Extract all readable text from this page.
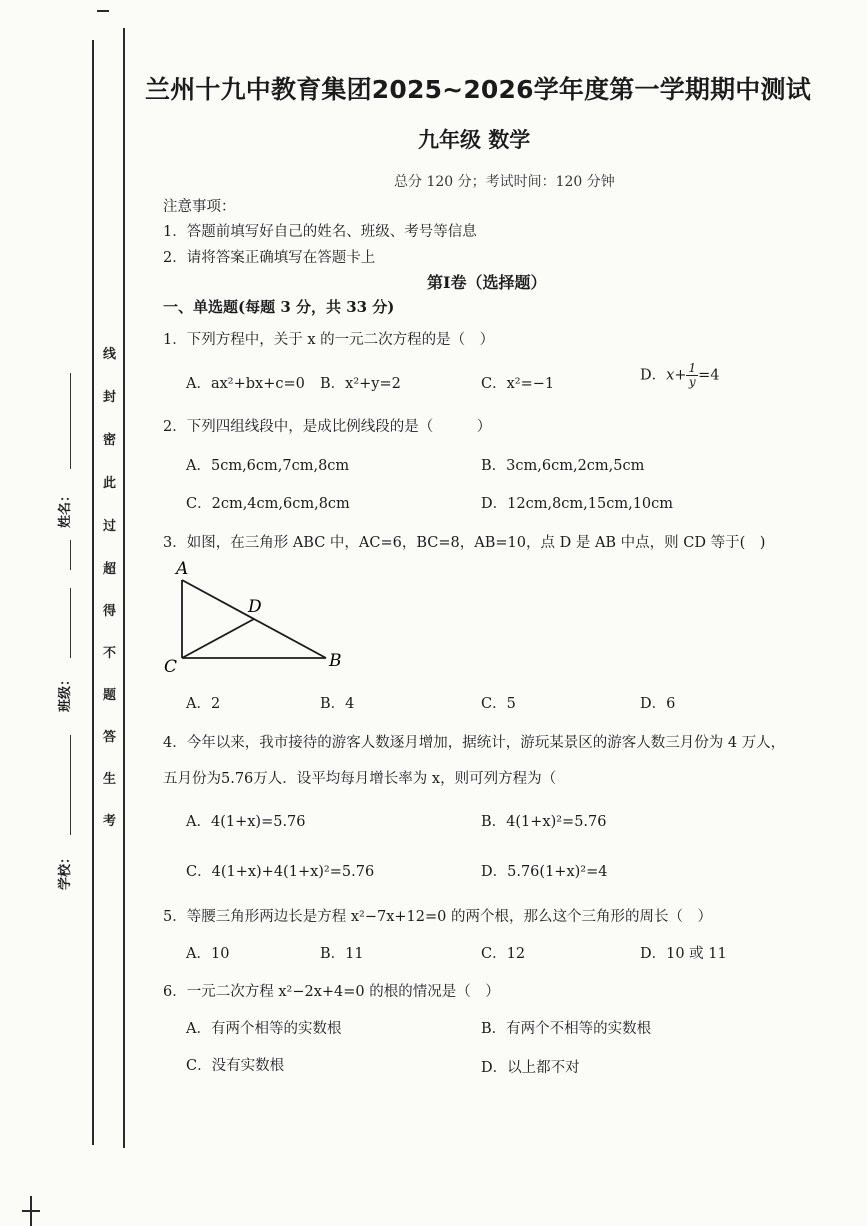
线
封
密
此
过
超
得
不
题
答
生
考
姓名：
班级：
学校：
兰州十九中教育集团2025~2026学年度第一学期期中测试
九年级 数学
总分 120 分；考试时间：120 分钟
注意事项：
1．答题前填写好自己的姓名、班级、考号等信息
2．请将答案正确填写在答题卡上
第Ⅰ卷（选择题）
一、单选题(每题 3 分，共 33 分)
1．下列方程中，关于 x 的一元二次方程的是（　）
A．ax²+bx+c=0 B．x²+y=2	C．x²=−1
D．$x+ \frac{1}{y} =4$
2．下列四组线段中，是成比例线段的是（　　　）
A．5cm,6cm,7cm,8cm	B．3cm,6cm,2cm,5cm
C．2cm,4cm,6cm,8cm	D．12cm,8cm,15cm,10cm
3．如图，在三角形 ABC 中，AC=6，BC=8，AB=10，点 D 是 AB 中点，则 CD 等于(　)
A
D
C	B
A．2	B．4	C．5	D．6
4．今年以来，我市接待的游客人数逐月增加，据统计，游玩某景区的游客人数三月份为 4 万人，
五月份为5.76万人．设平均每月增长率为 x，则可列方程为（
A．4(1+x)=5.76	B．4(1+x)²=5.76
C．4(1+x)+4(1+x)²=5.76	D．5.76(1+x)²=4
5．等腰三角形两边长是方程 x²−7x+12=0 的两个根，那么这个三角形的周长（　）
A．10	B．11	C．12	D．10 或 11
6．一元二次方程 x²−2x+4=0 的根的情况是（　）
A．有两个相等的实数根	B．有两个不相等的实数根
C．没有实数根	D．以上都不对
